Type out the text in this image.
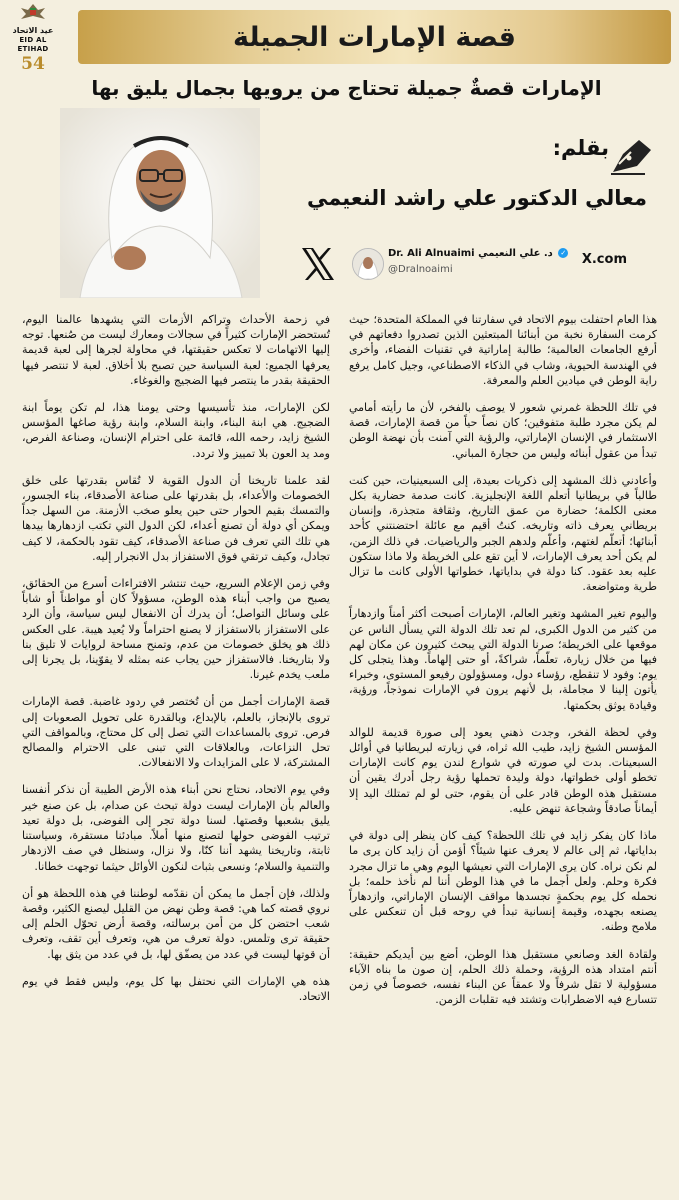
عيد الاتحاد
EID AL ETIHAD
54
قصة الإمارات الجميلة
الإمارات قصةٌ جميلة تحتاج من يرويها بجمال يليق بها
بقلم:
معالي الدكتور علي راشد النعيمي
Dr. Ali Alnuaimi د. علي النعيمي ✓
@Dralnoaimi
X.com

هذا العام احتفلت بيوم الاتحاد في سفارتنا في المملكة المتحدة؛ حيث كرمت السفارة نخبة من أبنائنا المبتعثين الذين تصدروا دفعاتهم في أرفع الجامعات العالمية؛ طالبة إماراتية في تقنيات الفضاء، وأخرى في الهندسة الحيوية، وشاب في الذكاء الاصطناعي، وجيل كامل يرفع راية الوطن في ميادين العلم والمعرفة.

في تلك اللحظة غمرني شعور لا يوصف بالفخر، لأن ما رأيته أمامي لم يكن مجرد طلبة متفوقين؛ كان نصاً حياً من قصة الإمارات، قصة الاستثمار في الإنسان الإماراتي، والرؤية التي آمنت بأن نهضة الوطن تبدأ من عقول أبنائه وليس من حجارة المباني.

وأعادني ذلك المشهد إلى ذكريات بعيدة، إلى السبعينيات، حين كنت طالباً في بريطانيا أتعلم اللغة الإنجليزية. كانت صدمة حضارية بكل معنى الكلمة؛ حضارة من عمق التاريخ، وثقافة متجذرة، وإنسان بريطاني يعرف ذاته وتاريخه. كنتُ أقيم مع عائلة احتضنتني كأحد أبنائها؛ أتعلّم لغتهم، وأعلّم ولدهم الجبر والرياضيات. في ذلك الزمن، لم يكن أحد يعرف الإمارات، لا أين تقع على الخريطة ولا ماذا ستكون عليه بعد عقود. كنا دولة في بداياتها، خطواتها الأولى كانت ما تزال طرية ومتواضعة.

واليوم تغير المشهد وتغير العالم، الإمارات أصبحت أكثر أمناً وازدهاراً من كثير من الدول الكبرى، لم تعد تلك الدولة التي يسأل الناس عن موقعها على الخريطة؛ صرنا الدولة التي يبحث كثيرون عن مكان لهم فيها من خلال زيارة، تعلّماً، شراكةً، أو حتى إلهاماً. وهذا يتجلى كل يوم: وفود لا تنقطع، رؤساء دول، ومسؤولون رفيعو المستوى، وخبراء يأتون إلينا لا مجاملة، بل لأنهم يرون في الإمارات نموذجاً، ورؤية، وقيادة يوثق بحكمتها.

وفي لحظة الفخر، وجدت ذهني يعود إلى صورة قديمة للوالد المؤسس الشيخ زايد، طيب الله ثراه، في زيارته لبريطانيا في أوائل السبعينات. بدت لي صورته في شوارع لندن يوم كانت الإمارات تخطو أولى خطواتها، دولة وليدة تحملها رؤية رجل أدرك يقين أن مستقبل هذه الوطن قادر على أن يقوم، حتى لو لم تمتلك اليد إلا أيماناً صادقاً وشجاعة تنهض عليه.

ماذا كان يفكر زايد في تلك اللحظة؟ كيف كان ينظر إلى دولة في بداياتها، ثم إلى عالم لا يعرف عنها شيئاً؟ أؤمن أن زايد كان يرى ما لم نكن نراه. كان يرى الإمارات التي نعيشها اليوم وهي ما تزال مجرد فكرة وحلم. ولعل أجمل ما في هذا الوطن أننا لم نأخذ حلمه؛ بل نحمله كل يوم بحكمةٍ تجسدها مواقف الإنسان الإماراتي، وازدهاراً يصنعه بجهده، وقيمة إنسانية تبدأ في روحه قبل أن تنعكس على ملامح وطنه.

ولقادة الغد وصانعي مستقبل هذا الوطن، أضع بين أيديكم حقيقة: أنتم امتداد هذه الرؤية، وحملة ذلك الحلم، إن صون ما بناه الآباء مسؤولية لا تقل شرفاً ولا عمقاً عن البناء نفسه، خصوصاً في زمن تتسارع فيه الاضطرابات وتشتد فيه تقلبات الزمن.

في زحمة الأحداث وتراكم الأزمات التي يشهدها عالمنا اليوم، تُستحضر الإمارات كثيراً في سجالات ومعارك ليست من صُنعها. توجه إليها الاتهامات لا تعكس حقيقتها، في محاولة لجرها إلى لعبة قديمة يعرفها الجميع: لعبة السياسة حين تصبح بلا أخلاق. لعبة لا تنتصر فيها الحقيقة بقدر ما ينتصر فيها الضجيج والغوغاء.

لكن الإمارات، منذ تأسيسها وحتى يومنا هذا، لم تكن يوماً ابنة الضجيج. هي ابنة البناء، وابنة السلام، وابنة رؤية صاغها المؤسس الشيخ زايد، رحمه الله، قائمة على احترام الإنسان، وصناعة الفرص، ومد يد العون بلا تمييز ولا تردد.

لقد علمنا تاريخنا أن الدول القوية لا تُقاس بقدرتها على خلق الخصومات والأعداء، بل بقدرتها على صناعة الأصدقاء، بناء الجسور، والتمسك بقيم الحوار حتى حين يعلو صخب الأزمنة. من السهل جداً ويمكن أي دولة أن تصنع أعداء، لكن الدول التي تكتب ازدهارها بيدها هي تلك التي تعرف فن صناعة الأصدقاء، كيف تقود بالحكمة، لا كيف تجادل، وكيف ترتقي فوق الاستفزاز بدل الانجرار إليه.

وفي زمن الإعلام السريع، حيث تنتشر الافتراءات أسرع من الحقائق، يصبح من واجب أبناء هذه الوطن، مسؤولاً كان أو مواطناً أو شاباً على وسائل التواصل؛ أن يدرك أن الانفعال ليس سياسة، وأن الرد على الاستفزاز بالاستفزاز لا يصنع احتراماً ولا يُعيد هيبة. على العكس ذلك هو يخلق خصومات من عدم، وتمنح مساحة لروايات لا تليق بنا ولا بتاريخنا. فالاستفزاز حين يجاب عنه بمثله لا يقوّينا، بل يجرنا إلى ملعب يخدم غيرنا.

قصة الإمارات أجمل من أن تُختصر في ردود غاضبة. قصة الإمارات تروى بالإنجاز، بالعلم، بالإبداع، وبالقدرة على تحويل الصعوبات إلى فرص. تروى بالمساعدات التي تصل إلى كل محتاج، وبالمواقف التي تحل النزاعات، وبالعلاقات التي تبنى على الاحترام والمصالح المشتركة، لا على المزايدات ولا الانفعالات.

وفي يوم الاتحاد، نحتاج نحن أبناء هذه الأرض الطيبة أن نذكر أنفسنا والعالم بأن الإمارات ليست دولة تبحث عن صدام، بل عن صنع خير يليق بشعبها وقصتها. لسنا دولة تجر إلى الفوضى، بل دولة تعيد ترتيب الفوضى حولها لتصنع منها أملاً. مبادئنا مستقرة، وسياستنا ثابتة، وتاريخنا يشهد أننا كنّا، ولا نزال، وسنظل في صف الازدهار والتنمية والسلام؛ ونسعى بثبات لنكون الأوائل حيثما توجهت خطانا.

ولذلك، فإن أجمل ما يمكن أن نقدّمه لوطننا في هذه اللحظة هو أن نروي قصته كما هي: قصة وطن نهض من القليل ليصنع الكثير، وقصة شعب احتضن كل من أمن برسالته، وقصة أرض تحوّل الحلم إلى حقيقة ترى وتلمس. دولة تعرف من هي، وتعرف أين تقف، وتعرف أن قوتها ليست في عدد من يصفّق لها، بل في عدد من يثق بها.

هذه هي الإمارات التي نحتفل بها كل يوم، وليس فقط في يوم الاتحاد.
